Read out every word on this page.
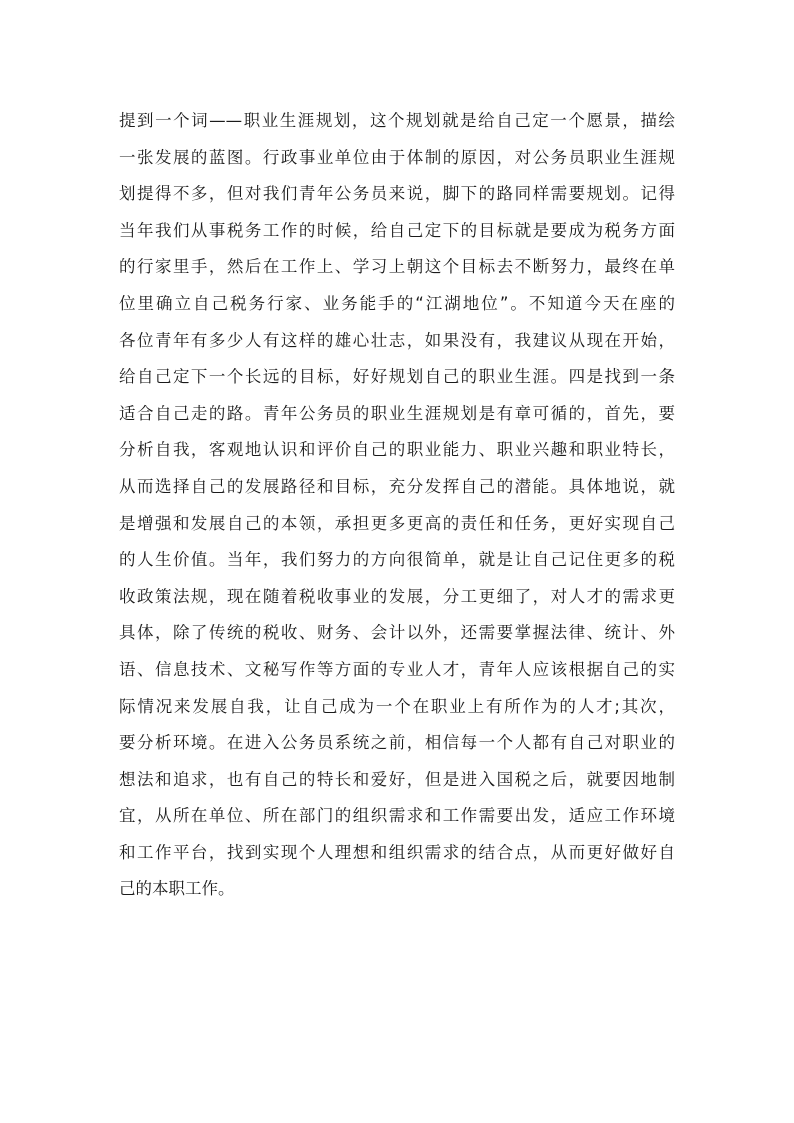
提到一个词——职业生涯规划，这个规划就是给自己定一个愿景，描绘
一张发展的蓝图。行政事业单位由于体制的原因，对公务员职业生涯规
划提得不多，但对我们青年公务员来说，脚下的路同样需要规划。记得
当年我们从事税务工作的时候，给自己定下的目标就是要成为税务方面
的行家里手，然后在工作上、学习上朝这个目标去不断努力，最终在单
位里确立自己税务行家、业务能手的“江湖地位”。不知道今天在座的
各位青年有多少人有这样的雄心壮志，如果没有，我建议从现在开始，
给自己定下一个长远的目标，好好规划自己的职业生涯。四是找到一条
适合自己走的路。青年公务员的职业生涯规划是有章可循的，首先，要
分析自我，客观地认识和评价自己的职业能力、职业兴趣和职业特长，
从而选择自己的发展路径和目标，充分发挥自己的潜能。具体地说，就
是增强和发展自己的本领，承担更多更高的责任和任务，更好实现自己
的人生价值。当年，我们努力的方向很简单，就是让自己记住更多的税
收政策法规，现在随着税收事业的发展，分工更细了，对人才的需求更
具体，除了传统的税收、财务、会计以外，还需要掌握法律、统计、外
语、信息技术、文秘写作等方面的专业人才，青年人应该根据自己的实
际情况来发展自我，让自己成为一个在职业上有所作为的人才;其次，
要分析环境。在进入公务员系统之前，相信每一个人都有自己对职业的
想法和追求，也有自己的特长和爱好，但是进入国税之后，就要因地制
宜，从所在单位、所在部门的组织需求和工作需要出发，适应工作环境
和工作平台，找到实现个人理想和组织需求的结合点，从而更好做好自
己的本职工作。
